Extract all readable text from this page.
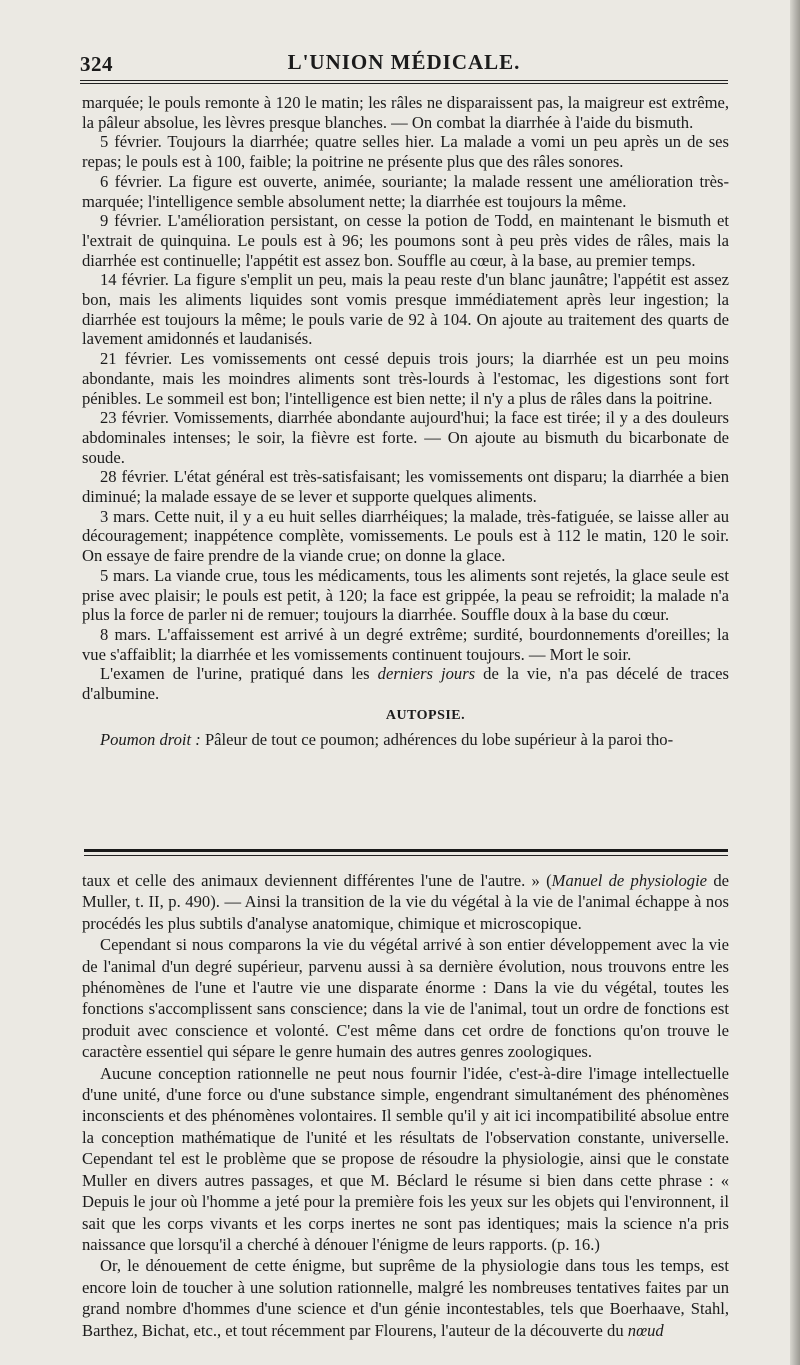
324	L'UNION MÉDICALE.

marquée; le pouls remonte à 120 le matin; les râles ne disparaissent pas, la maigreur est extrême, la pâleur absolue, les lèvres presque blanches. — On combat la diarrhée à l'aide du bismuth.

5 février. Toujours la diarrhée; quatre selles hier. La malade a vomi un peu après un de ses repas; le pouls est à 100, faible; la poitrine ne présente plus que des râles sonores.

6 février. La figure est ouverte, animée, souriante; la malade ressent une amélioration très-marquée; l'intelligence semble absolument nette; la diarrhée est toujours la même.

9 février. L'amélioration persistant, on cesse la potion de Todd, en maintenant le bismuth et l'extrait de quinquina. Le pouls est à 96; les poumons sont à peu près vides de râles, mais la diarrhée est continuelle; l'appétit est assez bon. Souffle au cœur, à la base, au premier temps.

14 février. La figure s'emplit un peu, mais la peau reste d'un blanc jaunâtre; l'appétit est assez bon, mais les aliments liquides sont vomis presque immédiatement après leur ingestion; la diarrhée est toujours la même; le pouls varie de 92 à 104. On ajoute au traitement des quarts de lavement amidonnés et laudanisés.

21 février. Les vomissements ont cessé depuis trois jours; la diarrhée est un peu moins abondante, mais les moindres aliments sont très-lourds à l'estomac, les digestions sont fort pénibles. Le sommeil est bon; l'intelligence est bien nette; il n'y a plus de râles dans la poitrine.

23 février. Vomissements, diarrhée abondante aujourd'hui; la face est tirée; il y a des douleurs abdominales intenses; le soir, la fièvre est forte. — On ajoute au bismuth du bicarbonate de soude.

28 février. L'état général est très-satisfaisant; les vomissements ont disparu; la diarrhée a bien diminué; la malade essaye de se lever et supporte quelques aliments.

3 mars. Cette nuit, il y a eu huit selles diarrhéiques; la malade, très-fatiguée, se laisse aller au découragement; inappétence complète, vomissements. Le pouls est à 112 le matin, 120 le soir. On essaye de faire prendre de la viande crue; on donne la glace.

5 mars. La viande crue, tous les médicaments, tous les aliments sont rejetés, la glace seule est prise avec plaisir; le pouls est petit, à 120; la face est grippée, la peau se refroidit; la malade n'a plus la force de parler ni de remuer; toujours la diarrhée. Souffle doux à la base du cœur.

8 mars. L'affaissement est arrivé à un degré extrême; surdité, bourdonnements d'oreilles; la vue s'affaiblit; la diarrhée et les vomissements continuent toujours. — Mort le soir.

L'examen de l'urine, pratiqué dans les derniers jours de la vie, n'a pas décelé de traces d'albumine.

AUTOPSIE.

Poumon droit : Pâleur de tout ce poumon; adhérences du lobe supérieur à la paroi tho-

taux et celle des animaux deviennent différentes l'une de l'autre. » (Manuel de physiologie de Muller, t. II, p. 490). — Ainsi la transition de la vie du végétal à la vie de l'animal échappe à nos procédés les plus subtils d'analyse anatomique, chimique et microscopique.

Cependant si nous comparons la vie du végétal arrivé à son entier développement avec la vie de l'animal d'un degré supérieur, parvenu aussi à sa dernière évolution, nous trouvons entre les phénomènes de l'une et l'autre vie une disparate énorme : Dans la vie du végétal, toutes les fonctions s'accomplissent sans conscience; dans la vie de l'animal, tout un ordre de fonctions est produit avec conscience et volonté. C'est même dans cet ordre de fonctions qu'on trouve le caractère essentiel qui sépare le genre humain des autres genres zoologiques.

Aucune conception rationnelle ne peut nous fournir l'idée, c'est-à-dire l'image intellectuelle d'une unité, d'une force ou d'une substance simple, engendrant simultanément des phénomènes inconscients et des phénomènes volontaires. Il semble qu'il y ait ici incompatibilité absolue entre la conception mathématique de l'unité et les résultats de l'observation constante, universelle. Cependant tel est le problème que se propose de résoudre la physiologie, ainsi que le constate Muller en divers autres passages, et que M. Béclard le résume si bien dans cette phrase : « Depuis le jour où l'homme a jeté pour la première fois les yeux sur les objets qui l'environnent, il sait que les corps vivants et les corps inertes ne sont pas identiques; mais la science n'a pris naissance que lorsqu'il a cherché à dénouer l'énigme de leurs rapports. (p. 16.)

Or, le dénouement de cette énigme, but suprême de la physiologie dans tous les temps, est encore loin de toucher à une solution rationnelle, malgré les nombreuses tentatives faites par un grand nombre d'hommes d'une science et d'un génie incontestables, tels que Boerhaave, Stahl, Barthez, Bichat, etc., et tout récemment par Flourens, l'auteur de la découverte du nœud
